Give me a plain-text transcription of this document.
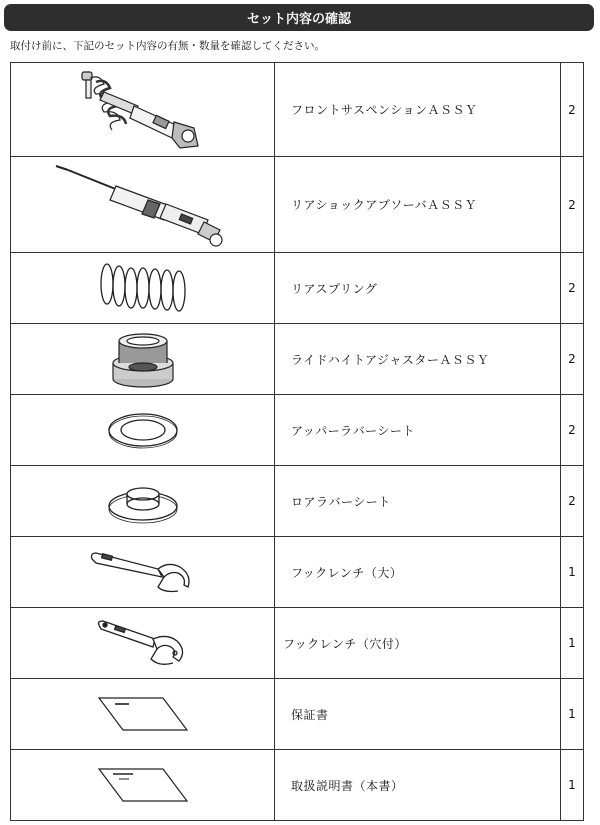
セット内容の確認
取付け前に、下記のセット内容の有無・数量を確認してください。
	フロントサスペンションＡＳＳＹ	2

	リアショックアブソーバＡＳＳＹ	2

	リアスプリング	2

	ライドハイトアジャスターＡＳＳＹ	2

	アッパーラバーシート	2

	ロアラバーシート	2

	フックレンチ（大）	1

	フックレンチ（穴付）	1

	保証書	1

	取扱説明書（本書）	1
